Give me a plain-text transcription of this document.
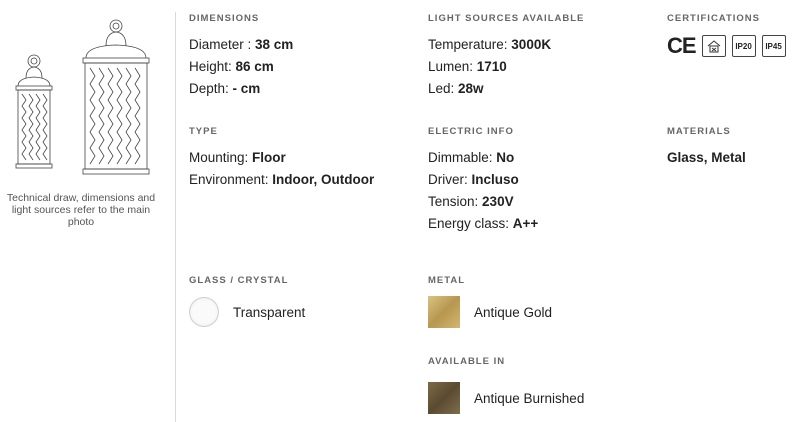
Technical draw, dimensions and light sources refer to the main photo
DIMENSIONS
Diameter : 38 cm
Height: 86 cm
Depth: - cm
LIGHT SOURCES AVAILABLE
Temperature: 3000K
Lumen: 1710
Led: 28w
CERTIFICATIONS
CE	IP20	IP45
TYPE
Mounting: Floor
Environment: Indoor, Outdoor
ELECTRIC INFO
Dimmable: No
Driver: Incluso
Tension: 230V
Energy class: A++
MATERIALS
Glass, Metal
GLASS / CRYSTAL
Transparent
METAL
Antique Gold
AVAILABLE IN
Antique Burnished
